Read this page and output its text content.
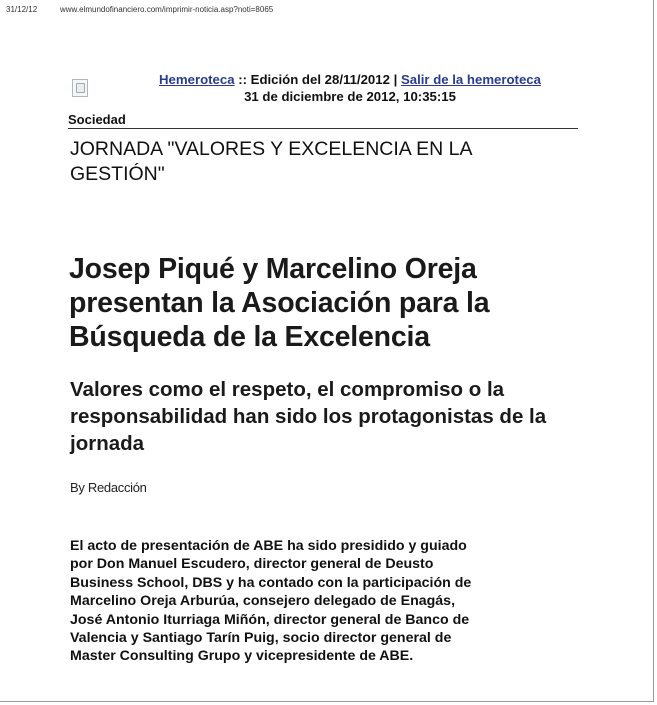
31/12/12	www.elmundofinanciero.com/imprimir-noticia.asp?noti=8065
Hemeroteca :: Edición del 28/11/2012 | Salir de la hemeroteca
31 de diciembre de 2012, 10:35:15
Sociedad
JORNADA "VALORES Y EXCELENCIA EN LA
GESTIÓN"
Josep Piqué y Marcelino Oreja
presentan la Asociación para la
Búsqueda de la Excelencia
Valores como el respeto, el compromiso o la
responsabilidad han sido los protagonistas de la
jornada
By Redacción
El acto de presentación de ABE ha sido presidido y guiado
por Don Manuel Escudero, director general de Deusto
Business School, DBS y ha contado con la participación de
Marcelino Oreja Arburúa, consejero delegado de Enagás,
José Antonio Iturriaga Miñón, director general de Banco de
Valencia y Santiago Tarín Puig, socio director general de
Master Consulting Grupo y vicepresidente de ABE.
